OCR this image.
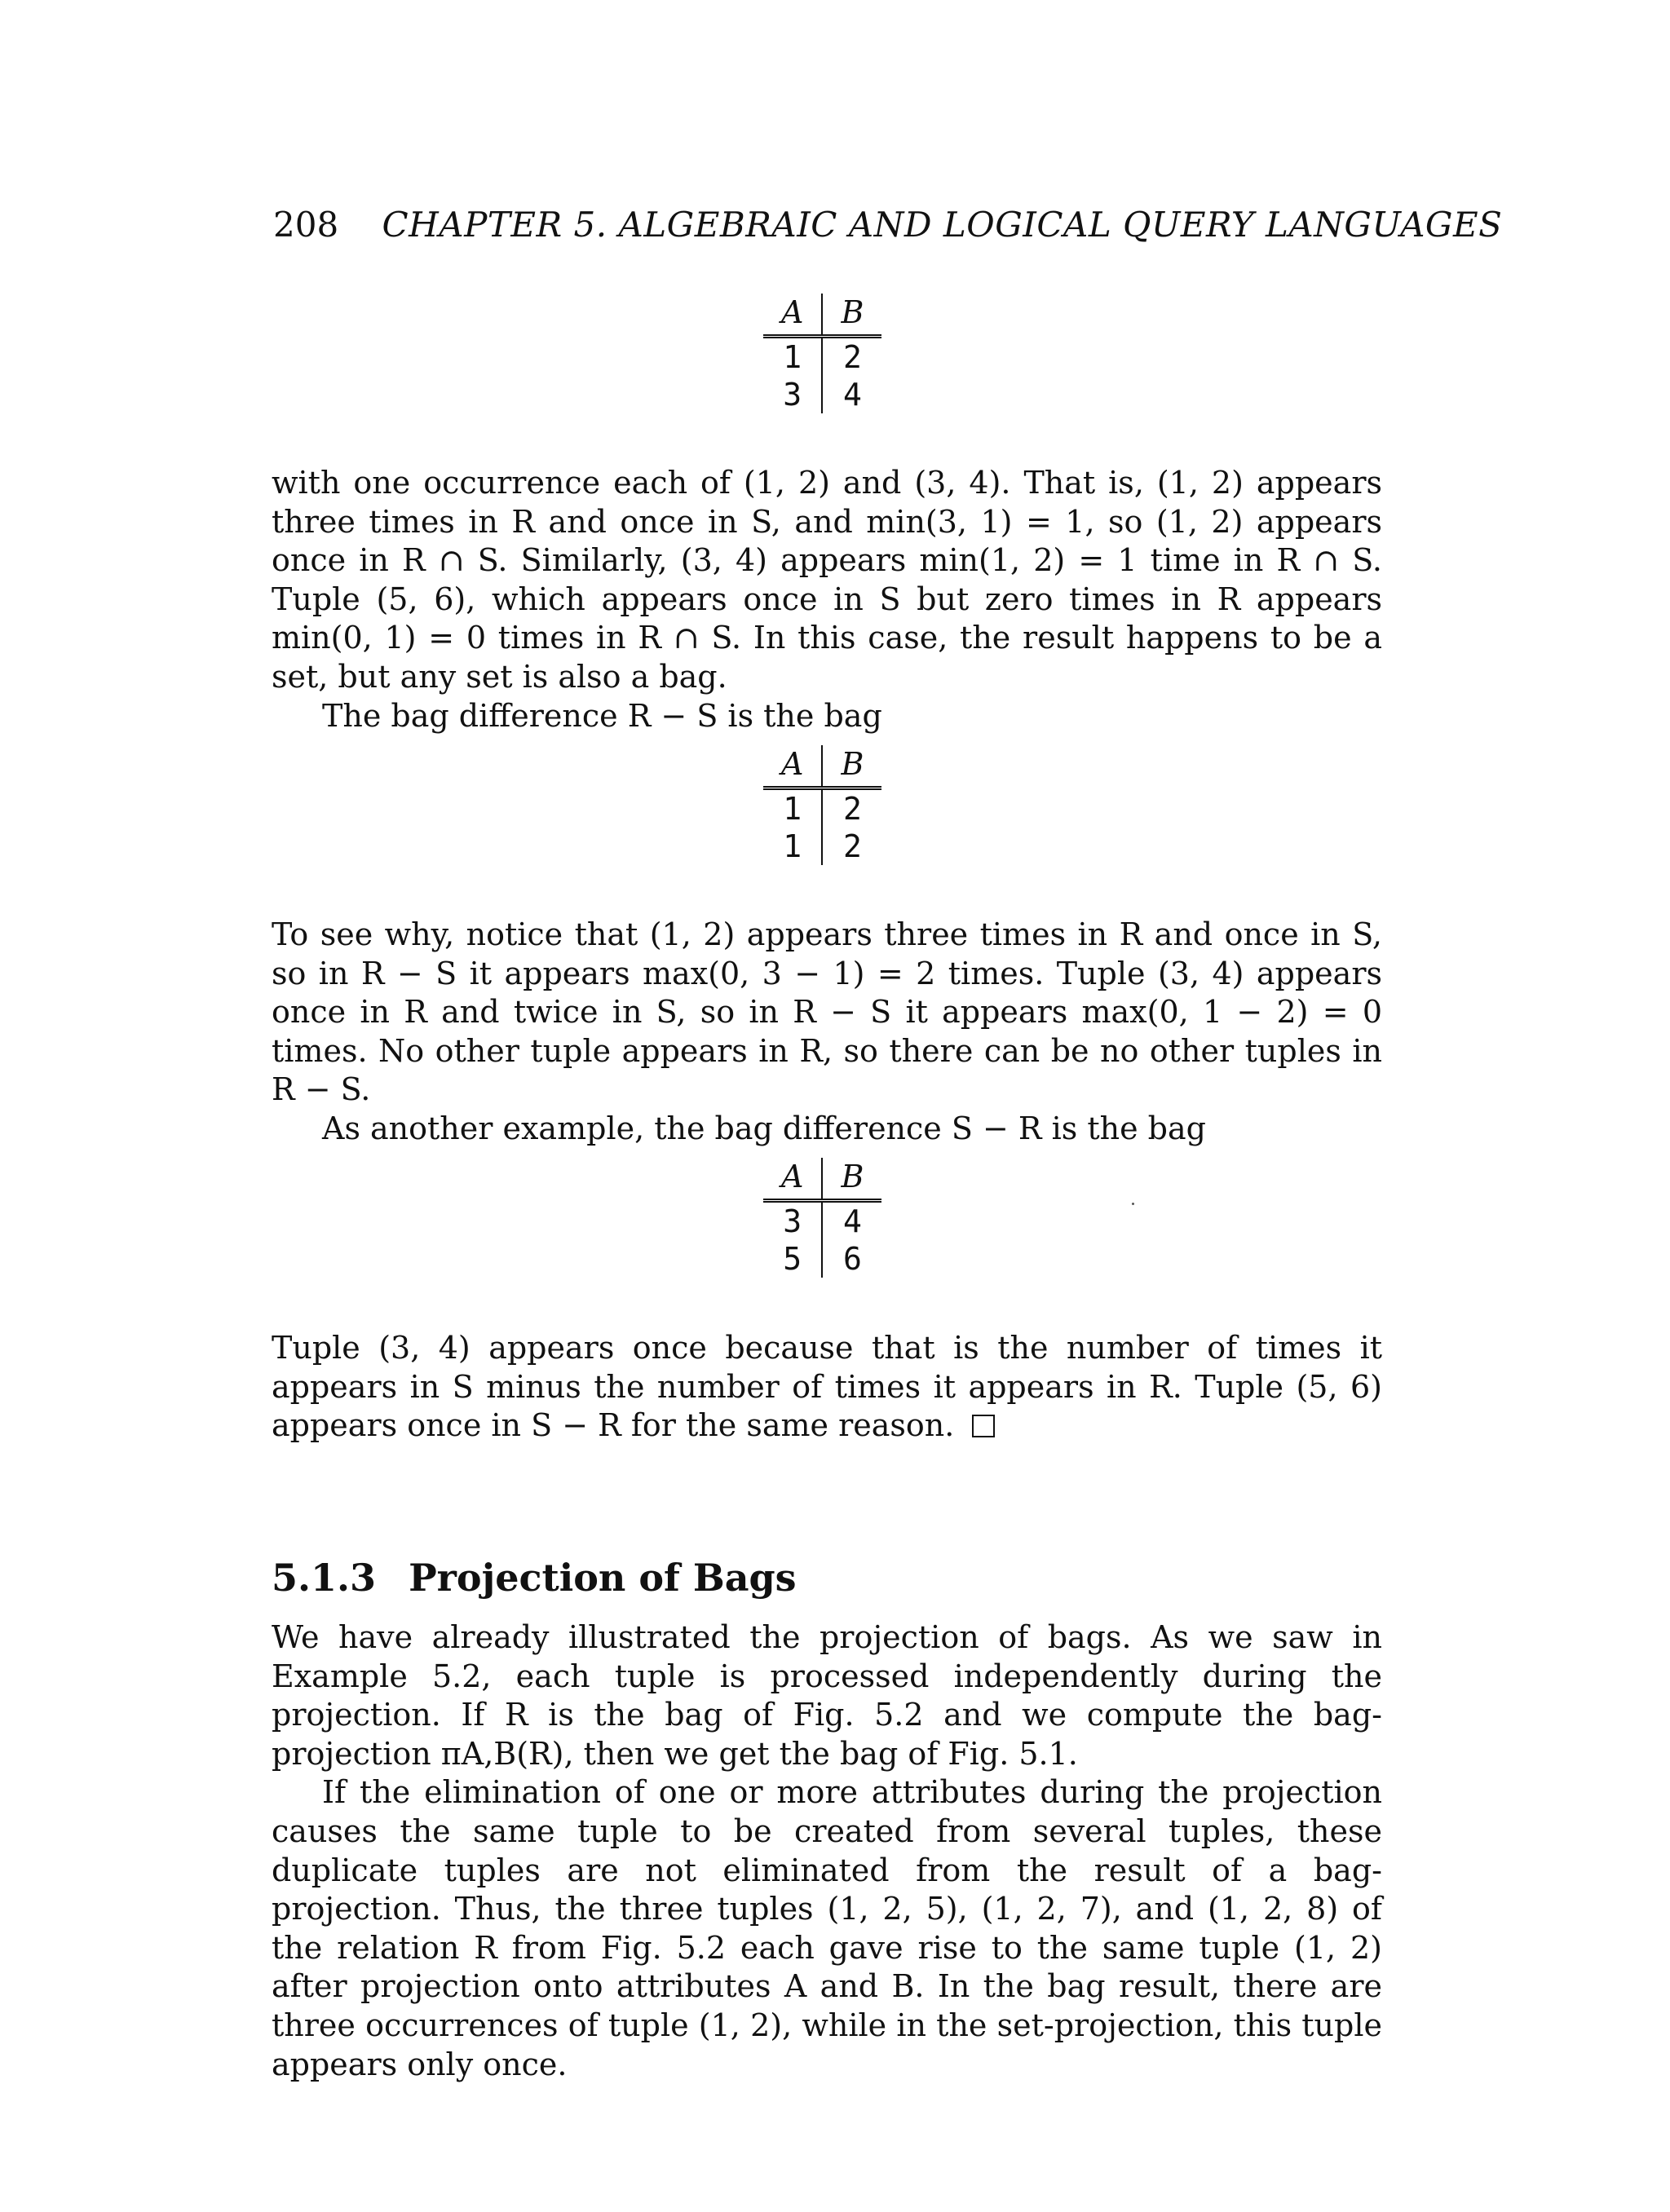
208 CHAPTER 5. ALGEBRAIC AND LOGICAL QUERY LANGUAGES
A	B
1	2
3	4

with one occurrence each of (1, 2) and (3, 4). That is, (1, 2) appears three times in R and once in S, and min(3, 1) = 1, so (1, 2) appears once in R ∩ S. Similarly, (3, 4) appears min(1, 2) = 1 time in R ∩ S. Tuple (5, 6), which appears once in S but zero times in R appears min(0, 1) = 0 times in R ∩ S. In this case, the result happens to be a set, but any set is also a bag.

The bag difference R − S is the bag

A	B
1	2
1	2

To see why, notice that (1, 2) appears three times in R and once in S, so in R − S it appears max(0, 3 − 1) = 2 times. Tuple (3, 4) appears once in R and twice in S, so in R − S it appears max(0, 1 − 2) = 0 times. No other tuple appears in R, so there can be no other tuples in R − S.

As another example, the bag difference S − R is the bag

A	B
3	4
5	6

Tuple (3, 4) appears once because that is the number of times it appears in S minus the number of times it appears in R. Tuple (5, 6) appears once in S − R for the same reason.

5.1.3 Projection of Bags

We have already illustrated the projection of bags. As we saw in Example 5.2, each tuple is processed independently during the projection. If R is the bag of Fig. 5.2 and we compute the bag-projection πA,B(R), then we get the bag of Fig. 5.1.

If the elimination of one or more attributes during the projection causes the same tuple to be created from several tuples, these duplicate tuples are not eliminated from the result of a bag-projection. Thus, the three tuples (1, 2, 5), (1, 2, 7), and (1, 2, 8) of the relation R from Fig. 5.2 each gave rise to the same tuple (1, 2) after projection onto attributes A and B. In the bag result, there are three occurrences of tuple (1, 2), while in the set-projection, this tuple appears only once.
